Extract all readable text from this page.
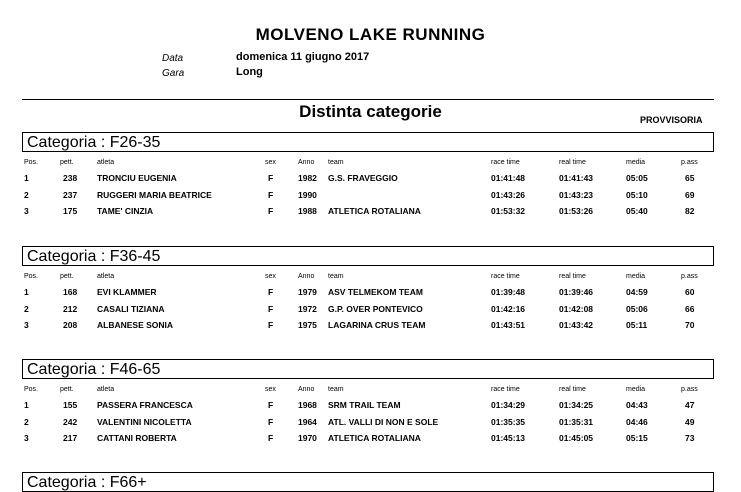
MOLVENO LAKE RUNNING
Data	domenica 11 giugno 2017
Gara	Long
Distinta categorie	PROVVISORIA
Categoria : F26-35
Pos.	pett.	atleta	sex	Anno team	race time	real time	media	p.ass
1	238 TRONCIU EUGENIA	F	1982 G.S. FRAVEGGIO	01:41:48	01:41:43	05:05	65
2	237 RUGGERI MARIA BEATRICE	F	1990	01:43:26	01:43:23	05:10	69
3	175 TAME' CINZIA	F	1988 ATLETICA ROTALIANA	01:53:32	01:53:26	05:40	82
Categoria : F36-45
Pos.	pett.	atleta	sex	Anno team	race time	real time	media	p.ass
1	168 EVI KLAMMER	F	1979 ASV TELMEKOM TEAM	01:39:48	01:39:46	04:59	60
2	212 CASALI TIZIANA	F	1972 G.P. OVER PONTEVICO	01:42:16	01:42:08	05:06	66
3	208 ALBANESE SONIA	F	1975 LAGARINA CRUS TEAM	01:43:51	01:43:42	05:11	70
Categoria : F46-65
Pos.	pett.	atleta	sex	Anno team	race time	real time	media	p.ass
1	155 PASSERA FRANCESCA	F	1968 SRM TRAIL TEAM	01:34:29	01:34:25	04:43	47
2	242 VALENTINI NICOLETTA	F	1964 ATL. VALLI DI NON E SOLE	01:35:35	01:35:31	04:46	49
3	217 CATTANI ROBERTA	F	1970 ATLETICA ROTALIANA	01:45:13	01:45:05	05:15	73
Categoria : F66+
